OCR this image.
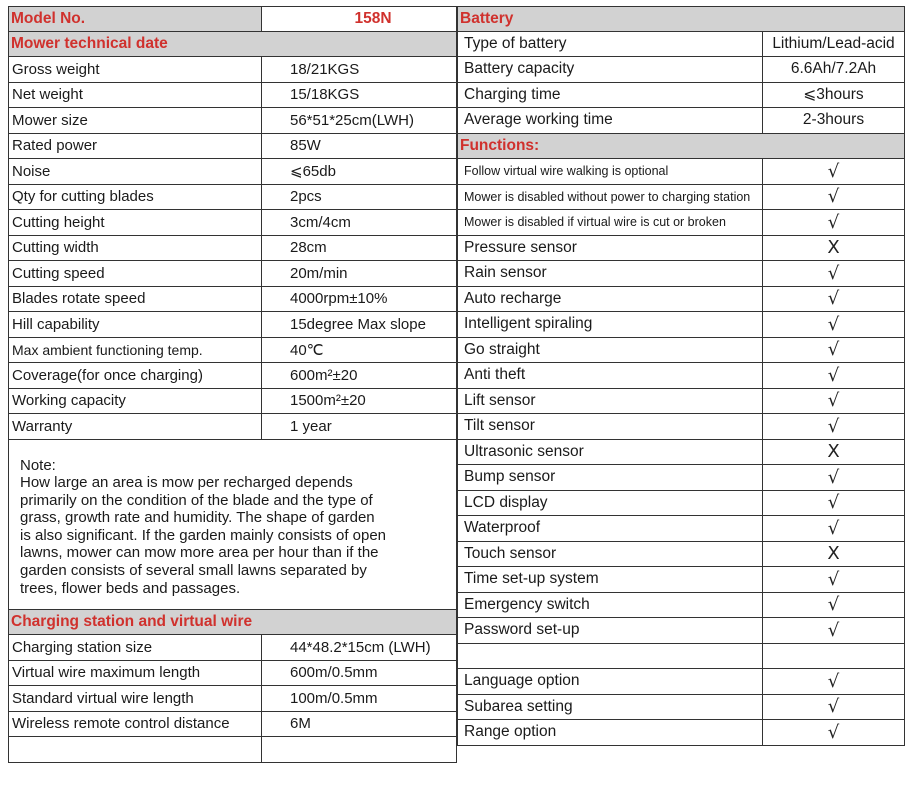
Model No.	158N
Mower technical date
Gross weight	18/21KGS
Net weight	15/18KGS
Mower size	56*51*25cm(LWH)
Rated power	85W
Noise	⩽65db
Qty for cutting blades	2pcs
Cutting height	3cm/4cm
Cutting width	28cm
Cutting speed	20m/min
Blades rotate speed	4000rpm±10%
Hill capability	15degree Max slope
Max ambient functioning temp.	40℃
Coverage(for once charging)	600m²±20
Working capacity	1500m²±20
Warranty	1 year

Note:

How large an area is mow per recharged depends
primarily on the condition of the blade and the type of
grass, growth rate and humidity. The shape of garden
is also significant. If the garden mainly consists of open
lawns, mower can mow more area per hour than if the
garden consists of several small lawns separated by
trees, flower beds and passages.

Charging station and virtual wire
Charging station size	44*48.2*15cm (LWH)
Virtual wire maximum length	600m/0.5mm
Standard virtual wire length	100m/0.5mm
Wireless remote control distance	6M
Battery
Type of battery	Lithium/Lead-acid
Battery capacity	6.6Ah/7.2Ah
Charging time	⩽3hours
Average working time	2-3hours
Functions:
Follow virtual wire walking is optional	√
Mower is disabled without power to charging station	√
Mower is disabled if virtual wire is cut or broken	√
Pressure sensor	X
Rain sensor	√
Auto recharge	√
Intelligent spiraling	√
Go straight	√
Anti theft	√
Lift sensor	√
Tilt sensor	√
Ultrasonic sensor	X
Bump sensor	√
LCD display	√
Waterproof	√
Touch sensor	X
Time set-up system	√
Emergency switch	√
Password set-up	√
Language option	√
Subarea setting	√
Range option	√
